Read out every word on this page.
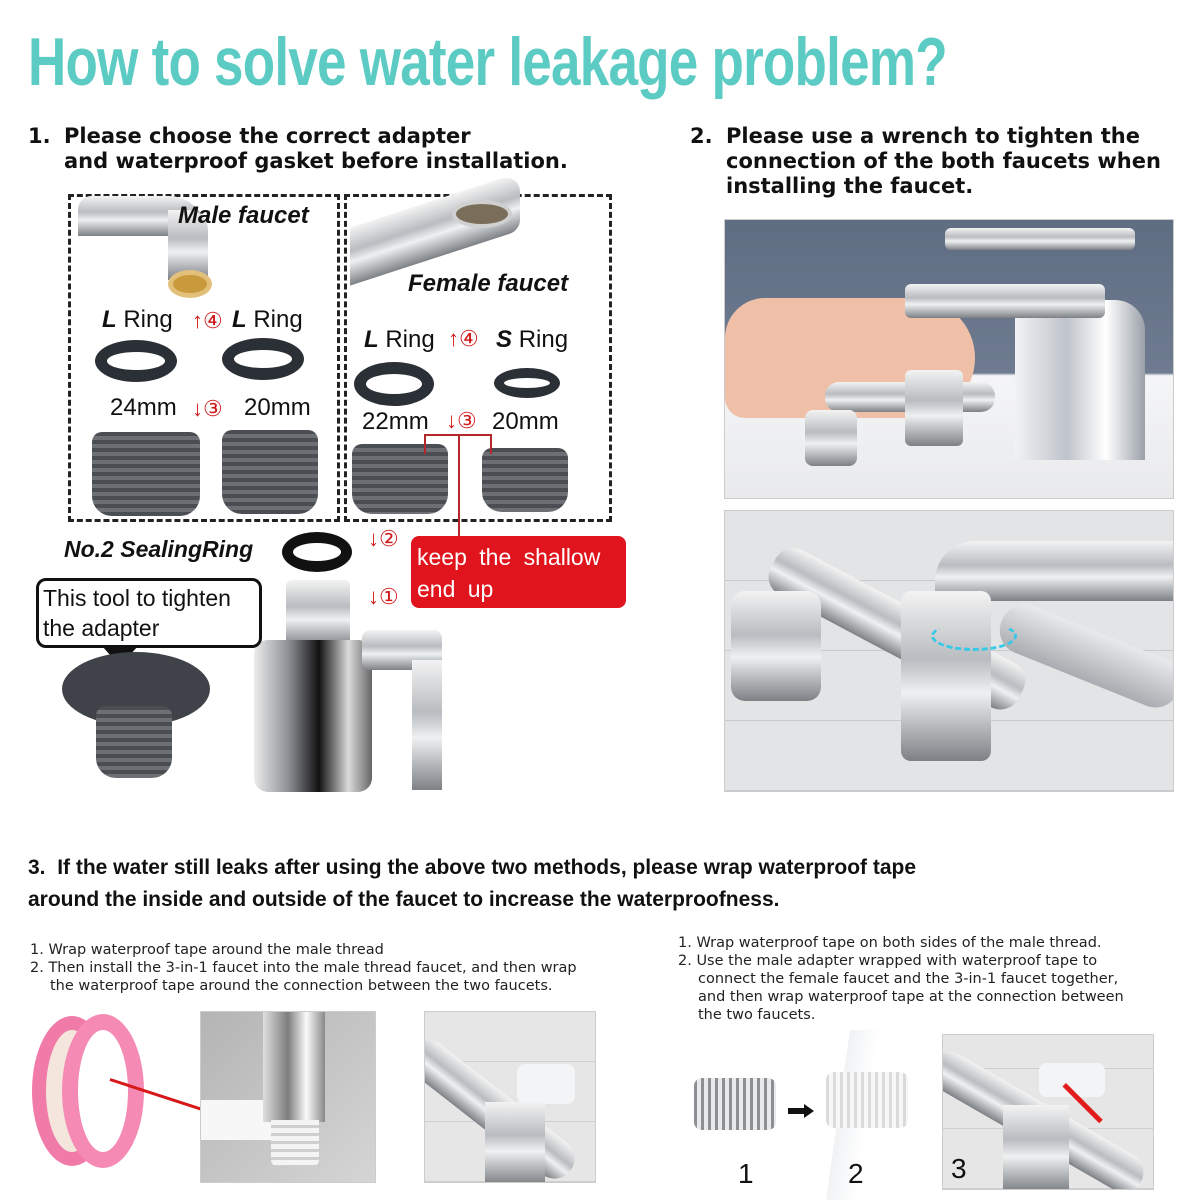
How to solve water leakage problem?
1. Please choose the correct adapter
and waterproof gasket before installation.
Male faucet
L Ring ↑④ L Ring
24mm ↓③ 20mm
Female faucet
L Ring ↑④ S Ring
22mm ↓③ 20mm
No.2 SealingRing	↓②
↓①
keep the shallow end up
This tool to tighten the adapter
2. Please use a wrench to tighten the
connection of the both faucets when
installing the faucet.
3. If the water still leaks after using the above two methods, please wrap waterproof tape
around the inside and outside of the faucet to increase the waterproofness.
1. Wrap waterproof tape around the male thread
2. Then install the 3-in-1 faucet into the male thread faucet, and then wrap
the waterproof tape around the connection between the two faucets.
1. Wrap waterproof tape on both sides of the male thread.
2. Use the male adapter wrapped with waterproof tape to
connect the female faucet and the 3-in-1 faucet together,
and then wrap waterproof tape at the connection between
the two faucets.
1	2	3
